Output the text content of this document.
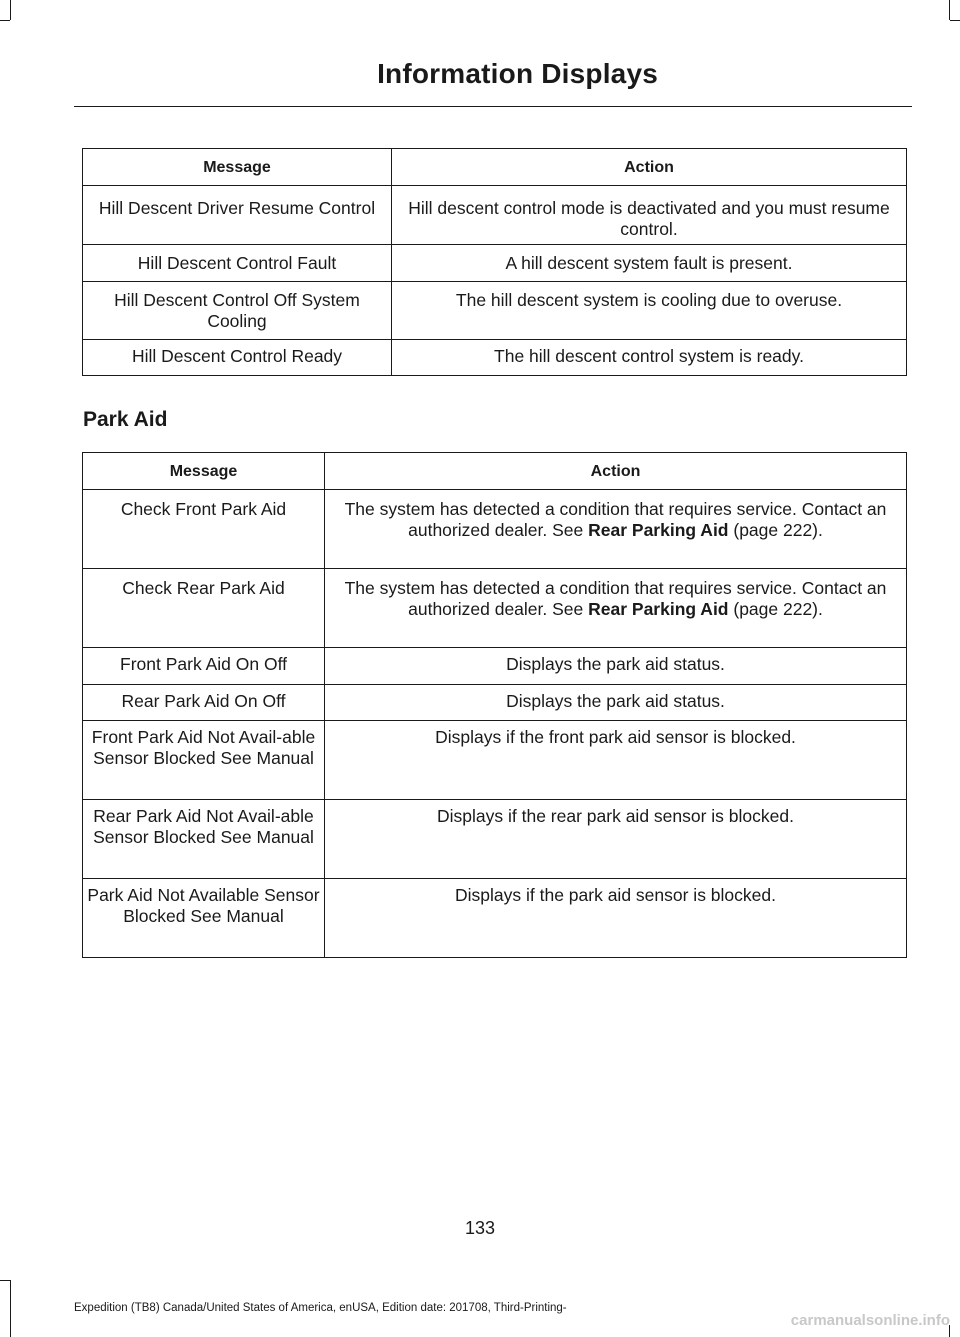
Information Displays
Message	Action
Hill Descent Driver Resume Control	Hill descent control mode is deactivated and you must resume control.
Hill Descent Control Fault	A hill descent system fault is present.
Hill Descent Control Off System Cooling	The hill descent system is cooling due to overuse.
Hill Descent Control Ready	The hill descent control system is ready.
Park Aid
Message	Action
Check Front Park Aid	The system has detected a condition that requires service. Contact an authorized dealer. See Rear Parking Aid (page 222).
Check Rear Park Aid	The system has detected a condition that requires service. Contact an authorized dealer. See Rear Parking Aid (page 222).
Front Park Aid On Off	Displays the park aid status.
Rear Park Aid On Off	Displays the park aid status.
Front Park Aid Not Avail-able Sensor Blocked See Manual	Displays if the front park aid sensor is blocked.
Rear Park Aid Not Avail-able Sensor Blocked See Manual	Displays if the rear park aid sensor is blocked.
Park Aid Not Available Sensor Blocked See Manual	Displays if the park aid sensor is blocked.
133
Expedition (TB8) Canada/United States of America, enUSA, Edition date: 201708, Third-Printing-
carmanualsonline.info
